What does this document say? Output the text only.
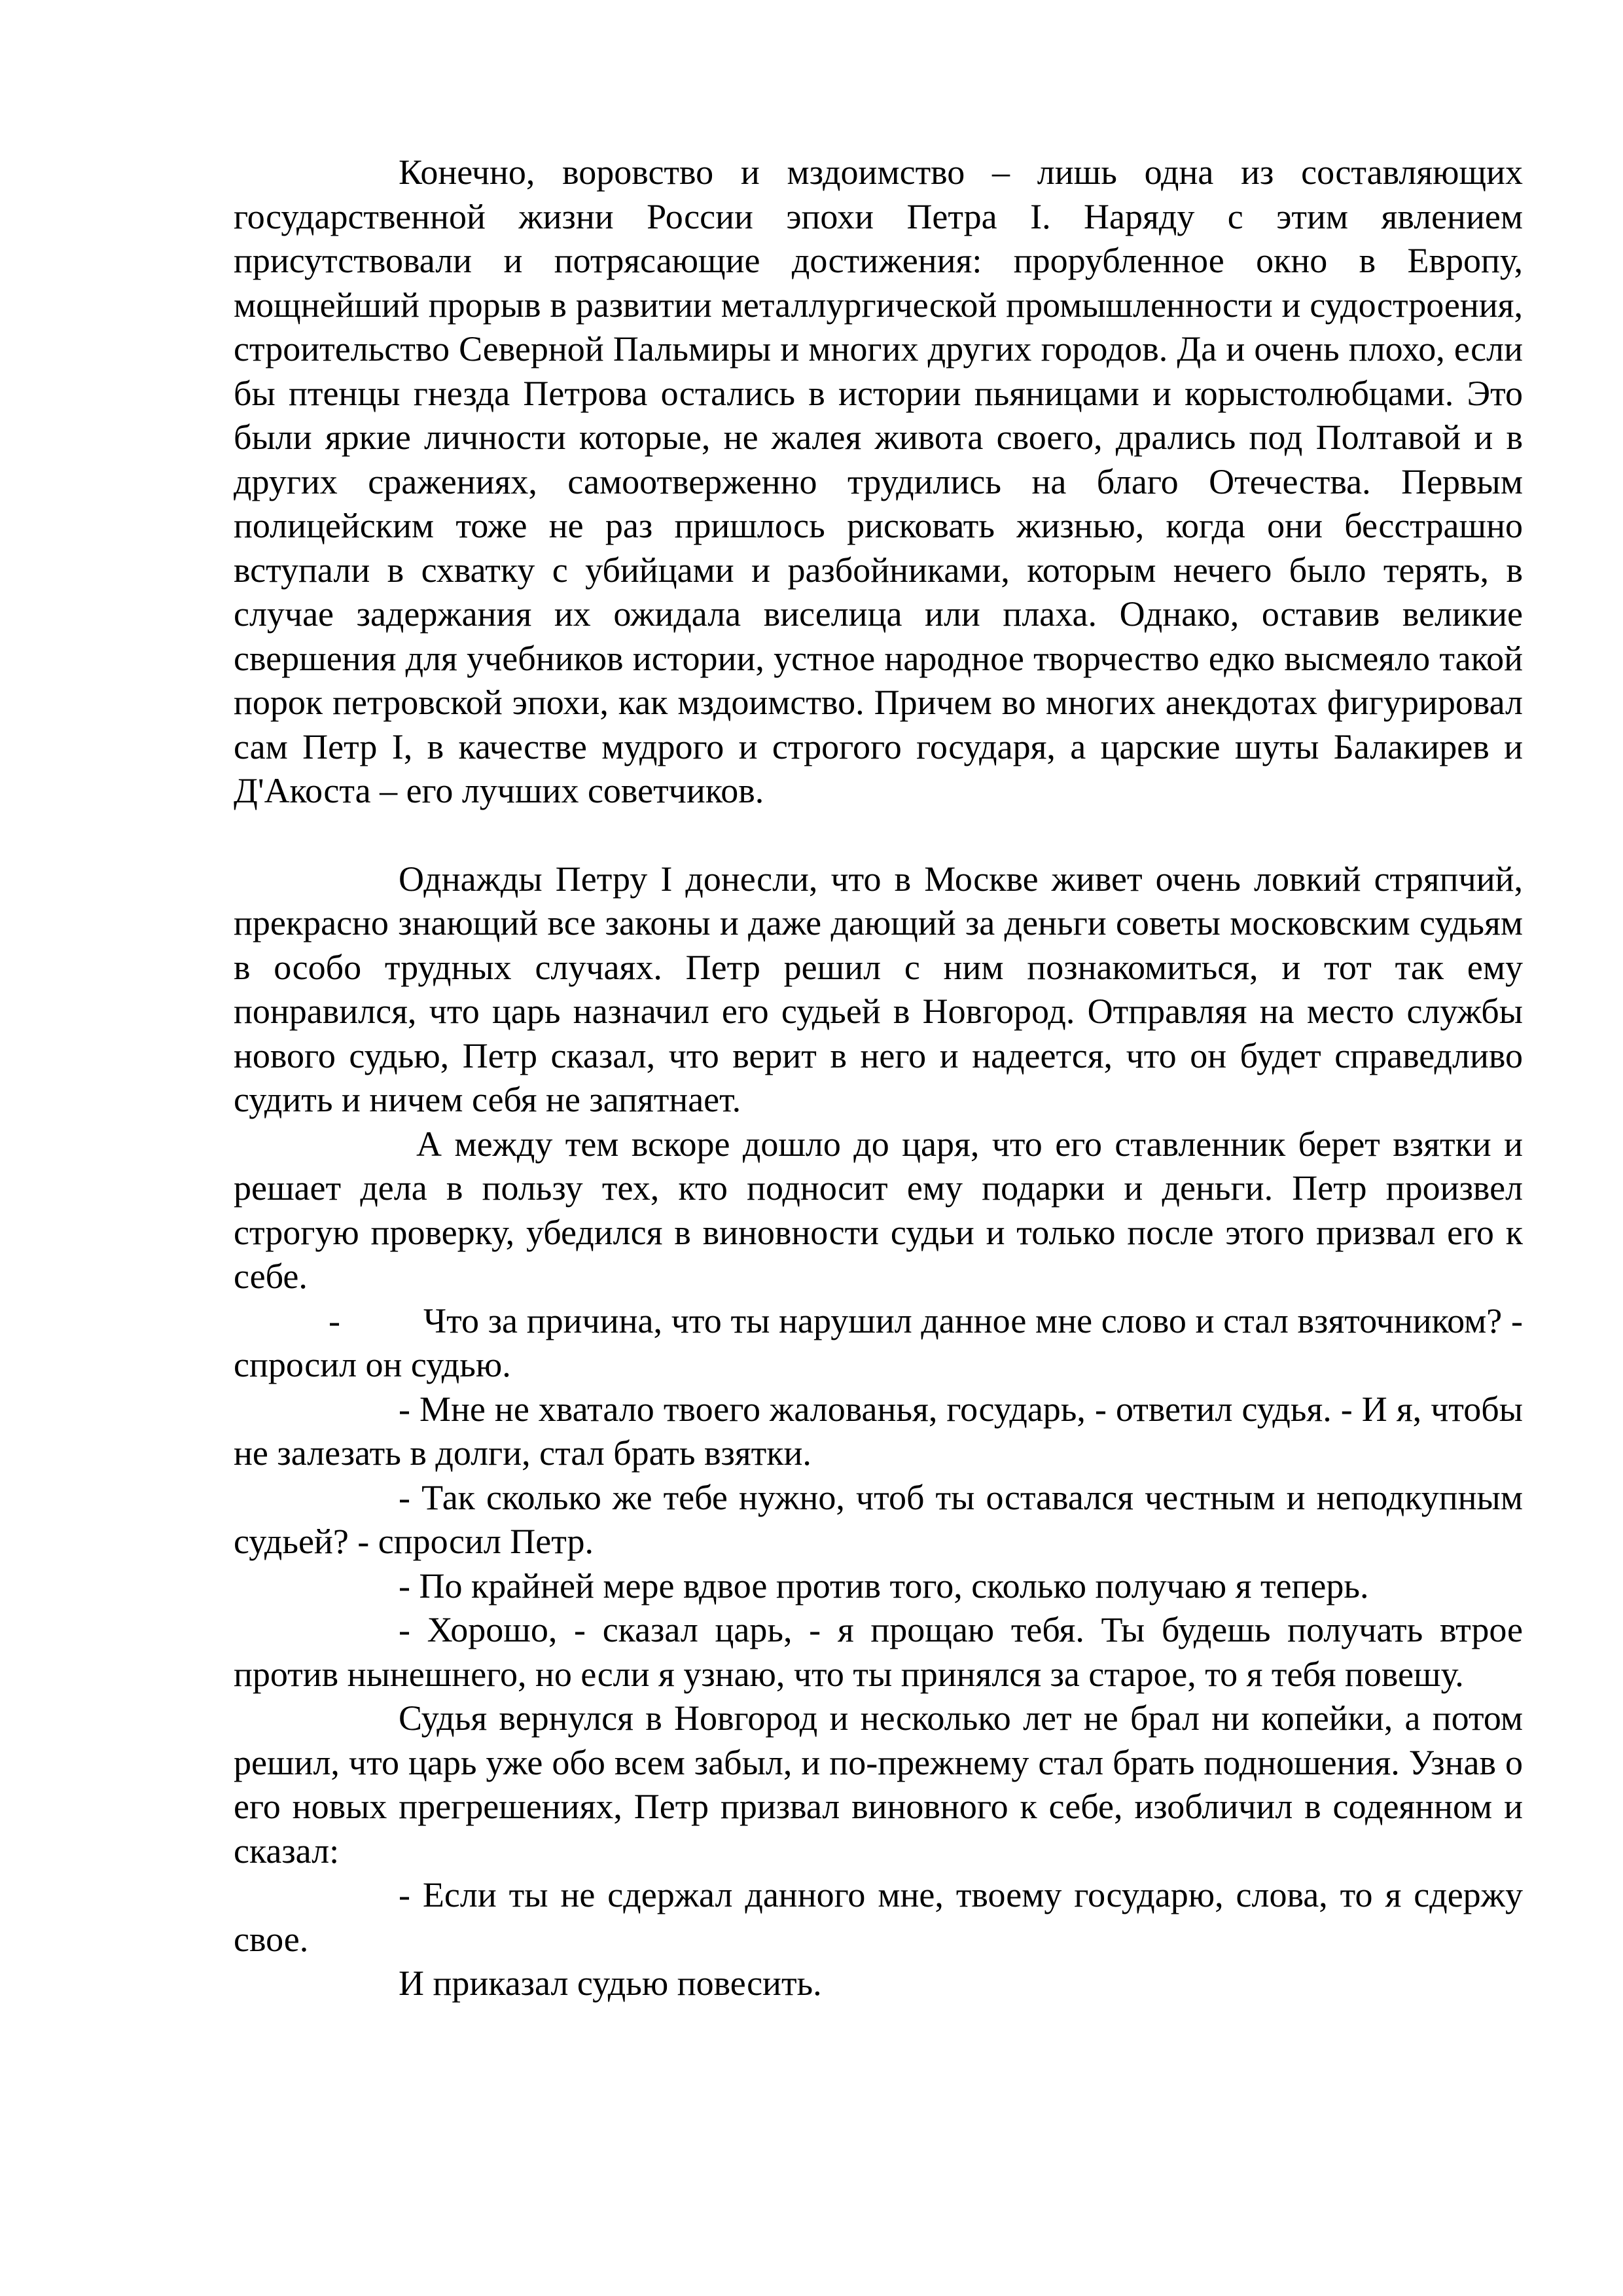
Конечно, воровство и мздоимство – лишь одна из составляющих государственной жизни России эпохи Петра I. Наряду с этим явлением присутствовали и потрясающие достижения: прорубленное окно в Европу, мощнейший прорыв в развитии металлургической промышленности и судостроения, строительство Северной Пальмиры и многих других городов. Да и очень плохо, если бы птенцы гнезда Петрова остались в истории пьяницами и корыстолюбцами. Это были яркие личности которые, не жалея живота своего, дрались под Полтавой и в других сражениях, самоотверженно трудились на благо Отечества. Первым полицейским тоже не раз пришлось рисковать жизнью, когда они бесстрашно вступали в схватку с убийцами и разбойниками, которым нечего было терять, в случае задержания их ожидала виселица или плаха. Однако, оставив великие свершения для учебников истории, устное народное творчество едко высмеяло такой порок петровской эпохи, как мздоимство. Причем во многих анекдотах фигурировал сам Петр I, в качестве мудрого и строгого государя, а царские шуты Балакирев и Д'Акоста – его лучших советчиков.

Однажды Петру I донесли, что в Москве живет очень ловкий стряпчий, прекрасно знающий все законы и даже дающий за деньги советы московским судьям в особо трудных случаях. Петр решил с ним познакомиться, и тот так ему понравился, что царь назначил его судьей в Новгород. Отправляя на место службы нового судью, Петр сказал, что верит в него и надеется, что он будет справедливо судить и ничем себя не запятнает.

А между тем вскоре дошло до царя, что его ставленник берет взятки и решает дела в пользу тех, кто подносит ему подарки и деньги. Петр произвел строгую проверку, убедился в виновности судьи и только после этого призвал его к себе.

- Что за причина, что ты нарушил данное мне слово и стал взяточником? - спросил он судью.

- Мне не хватало твоего жалованья, государь, - ответил судья. - И я, чтобы не залезать в долги, стал брать взятки.

- Так сколько же тебе нужно, чтоб ты оставался честным и неподкупным судьей? - спросил Петр.

- По крайней мере вдвое против того, сколько получаю я теперь.

- Хорошо, - сказал царь, - я прощаю тебя. Ты будешь получать втрое против нынешнего, но если я узнаю, что ты принялся за старое, то я тебя повешу.

Судья вернулся в Новгород и несколько лет не брал ни копейки, а потом решил, что царь уже обо всем забыл, и по-прежнему стал брать подношения. Узнав о его новых прегрешениях, Петр призвал виновного к себе, изобличил в содеянном и сказал:

- Если ты не сдержал данного мне, твоему государю, слова, то я сдержу свое.

И приказал судью повесить.
